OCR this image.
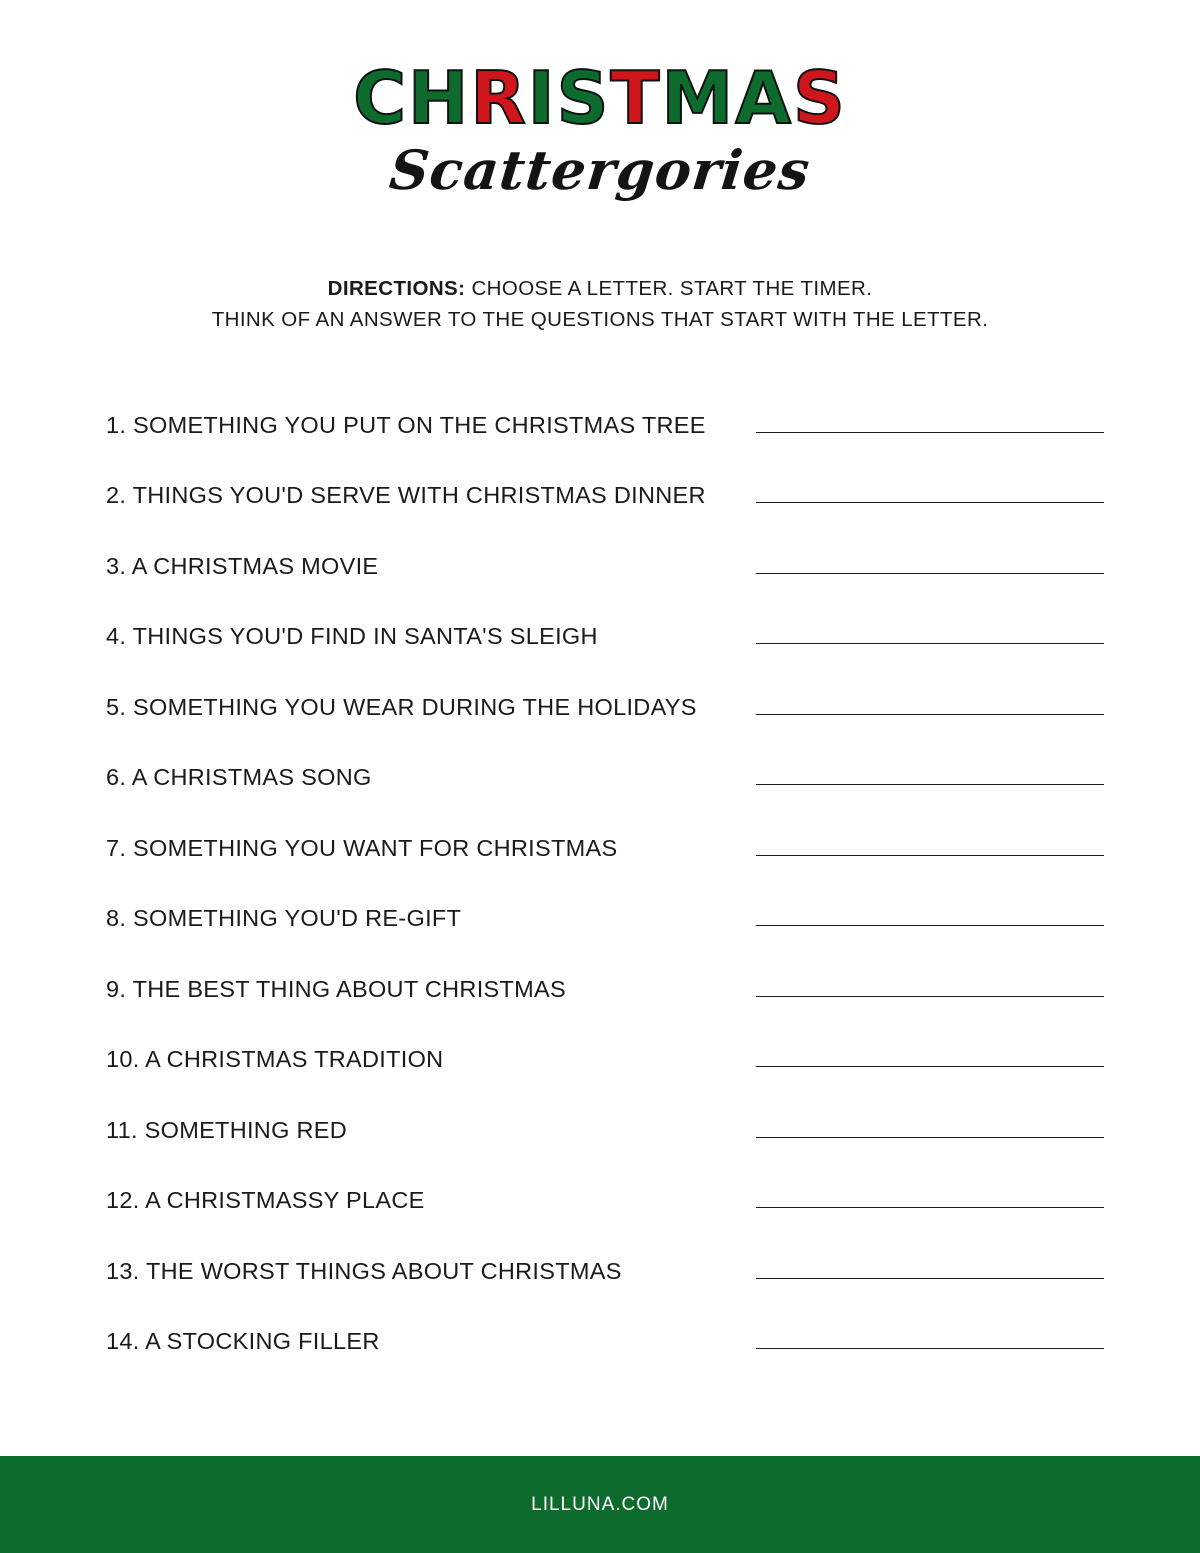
CHRISTMAS
Scattergories
DIRECTIONS: CHOOSE A LETTER. START THE TIMER.
THINK OF AN ANSWER TO THE QUESTIONS THAT START WITH THE LETTER.
1. SOMETHING YOU PUT ON THE CHRISTMAS TREE
2. THINGS YOU'D SERVE WITH CHRISTMAS DINNER
3. A CHRISTMAS MOVIE
4. THINGS YOU'D FIND IN SANTA'S SLEIGH
5. SOMETHING YOU WEAR DURING THE HOLIDAYS
6. A CHRISTMAS SONG
7. SOMETHING YOU WANT FOR CHRISTMAS
8. SOMETHING YOU'D RE-GIFT
9. THE BEST THING ABOUT CHRISTMAS
10. A CHRISTMAS TRADITION
11. SOMETHING RED
12. A CHRISTMASSY PLACE
13. THE WORST THINGS ABOUT CHRISTMAS
14. A STOCKING FILLER
LILLUNA.COM
